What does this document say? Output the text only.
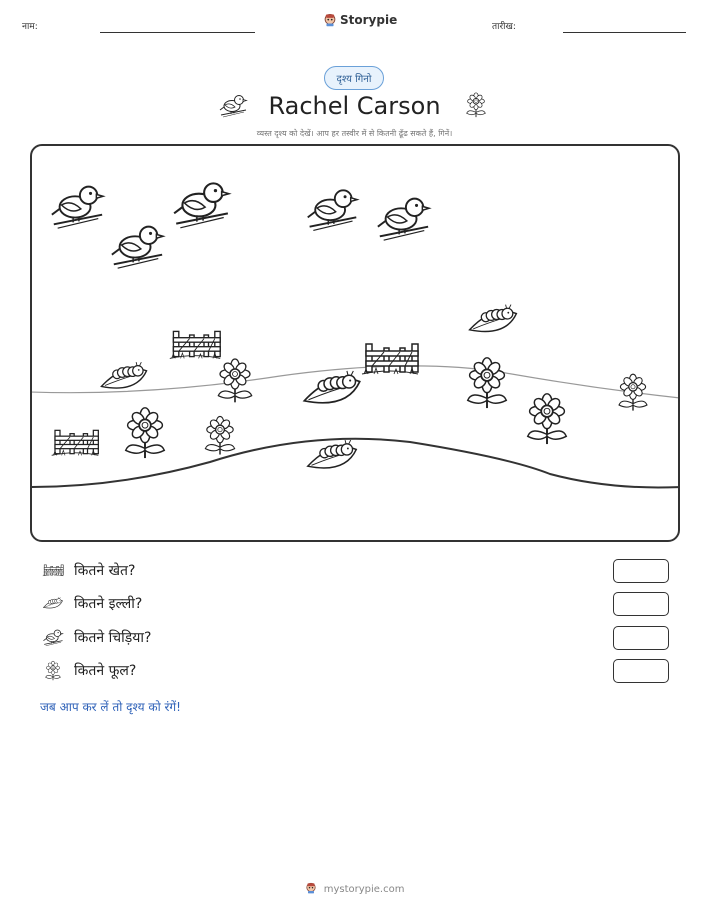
नाम:	Storypie	तारीख:
दृश्य गिनो
Rachel Carson
व्यस्त दृश्य को देखें। आप हर तस्वीर में से कितनी ढूँढ सकते हैं, गिनें।
कितने खेत?
कितने इल्ली?
कितने चिड़िया?
कितने फूल?
जब आप कर लें तो दृश्य को रंगें!
mystorypie.com
